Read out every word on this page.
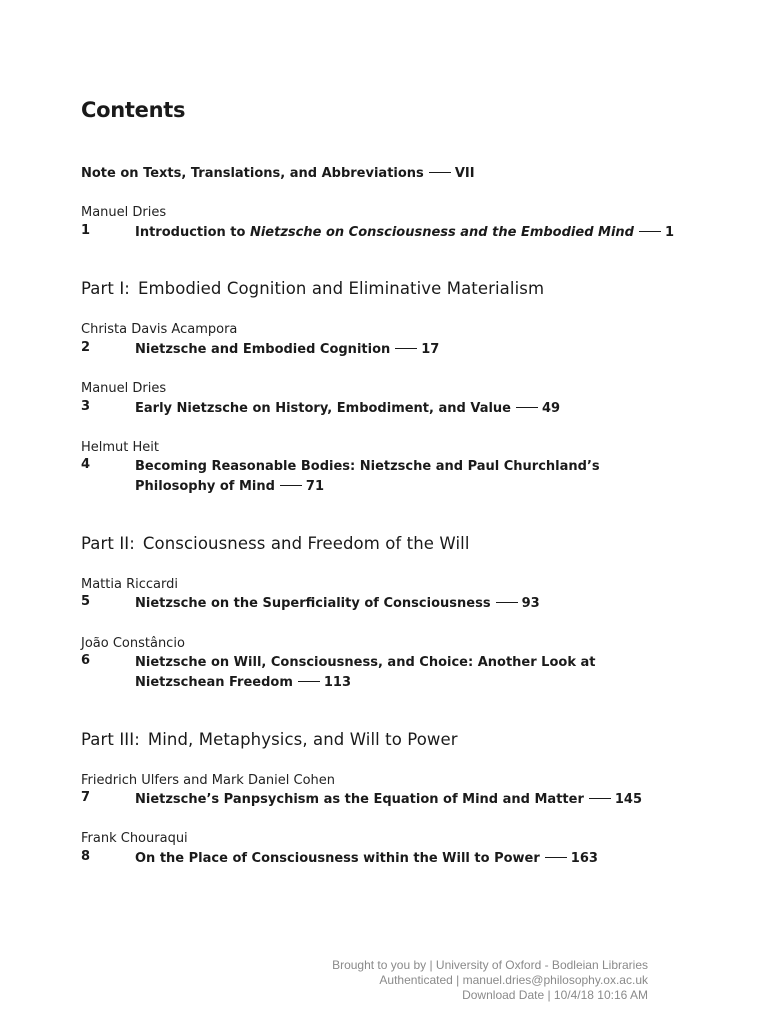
Contents
Note on Texts, Translations, and Abbreviations VII
Manuel Dries
1	Introduction to Nietzsche on Consciousness and the Embodied Mind 1
Part I: Embodied Cognition and Eliminative Materialism
Christa Davis Acampora
2	Nietzsche and Embodied Cognition 17
Manuel Dries
3	Early Nietzsche on History, Embodiment, and Value 49
Helmut Heit
4	Becoming Reasonable Bodies: Nietzsche and Paul Churchland’s
Philosophy of Mind 71
Part II: Consciousness and Freedom of the Will
Mattia Riccardi
5	Nietzsche on the Superficiality of Consciousness 93
João Constâncio
6	Nietzsche on Will, Consciousness, and Choice: Another Look at
Nietzschean Freedom 113
Part III: Mind, Metaphysics, and Will to Power
Friedrich Ulfers and Mark Daniel Cohen
7	Nietzsche’s Panpsychism as the Equation of Mind and Matter 145
Frank Chouraqui
8	On the Place of Consciousness within the Will to Power 163
Brought to you by | University of Oxford - Bodleian Libraries
Authenticated | manuel.dries@philosophy.ox.ac.uk
Download Date | 10/4/18 10:16 AM
